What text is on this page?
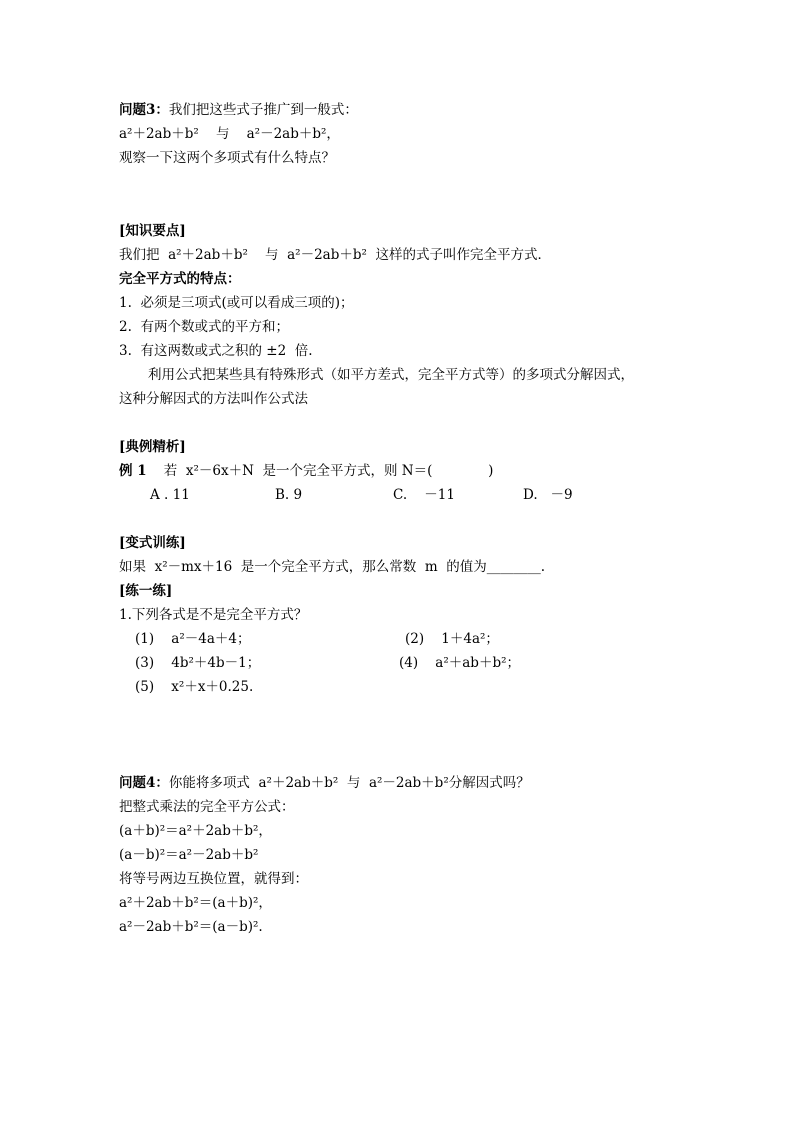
问题3：我们把这些式子推广到一般式：
a²＋2ab＋b²    与    a²－2ab＋b²，
观察一下这两个多项式有什么特点？
[知识要点]
我们把  a²＋2ab＋b²    与  a²－2ab＋b²  这样的式子叫作完全平方式．
完全平方式的特点：
1.  必须是三项式(或可以看成三项的)；
2.  有两个数或式的平方和；
3.  有这两数或式之积的 ±2  倍.
利用公式把某些具有特殊形式（如平方差式，完全平方式等）的多项式分解因式，
这种分解因式的方法叫作公式法
[典例精析]
例 1 若  x²－6x＋N  是一个完全平方式，则 N＝(             )
A . 11	B. 9	C.    －11	D.   －9
[变式训练]
如果  x²－mx＋16  是一个完全平方式，那么常数  m  的值为________.
[练一练]
1.下列各式是不是完全平方式？
(1)    a²－4a＋4；	(2)    1＋4a²；
(3)    4b²＋4b－1；	(4)    a²＋ab＋b²；
(5)    x²＋x＋0.25.
问题4：你能将多项式  a²＋2ab＋b²  与  a²－2ab＋b²分解因式吗？
把整式乘法的完全平方公式：
(a＋b)²＝a²＋2ab＋b²，
(a－b)²＝a²－2ab＋b²
将等号两边互换位置，就得到：
a²＋2ab＋b²＝(a＋b)²，
a²－2ab＋b²＝(a－b)².
